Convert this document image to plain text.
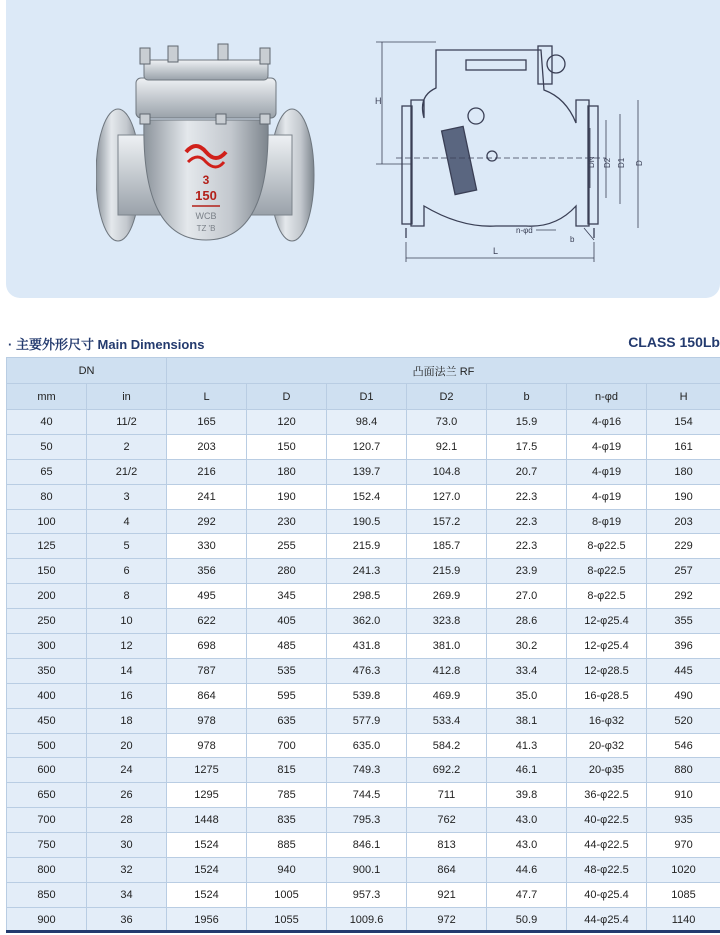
3
150
WCB
TZ 'B
H
L
DN D2 D1 D
n-φd
b
· 主要外形尺寸 Main Dimensions	CLASS 150Lb
DN		凸面法兰 RF						
mm	in	L	D	D1	D2	b	n-φd	H
40	11/2	165	120	98.4	73.0	15.9	4-φ16	154
50	2	203	150	120.7	92.1	17.5	4-φ19	161
65	21/2	216	180	139.7	104.8	20.7	4-φ19	180
80	3	241	190	152.4	127.0	22.3	4-φ19	190
100	4	292	230	190.5	157.2	22.3	8-φ19	203
125	5	330	255	215.9	185.7	22.3	8-φ22.5	229
150	6	356	280	241.3	215.9	23.9	8-φ22.5	257
200	8	495	345	298.5	269.9	27.0	8-φ22.5	292
250	10	622	405	362.0	323.8	28.6	12-φ25.4	355
300	12	698	485	431.8	381.0	30.2	12-φ25.4	396
350	14	787	535	476.3	412.8	33.4	12-φ28.5	445
400	16	864	595	539.8	469.9	35.0	16-φ28.5	490
450	18	978	635	577.9	533.4	38.1	16-φ32	520
500	20	978	700	635.0	584.2	41.3	20-φ32	546
600	24	1275	815	749.3	692.2	46.1	20-φ35	880
650	26	1295	785	744.5	711	39.8	36-φ22.5	910
700	28	1448	835	795.3	762	43.0	40-φ22.5	935
750	30	1524	885	846.1	813	43.0	44-φ22.5	970
800	32	1524	940	900.1	864	44.6	48-φ22.5	1020
850	34	1524	1005	957.3	921	47.7	40-φ25.4	1085
900	36	1956	1055	1009.6	972	50.9	44-φ25.4	1140
